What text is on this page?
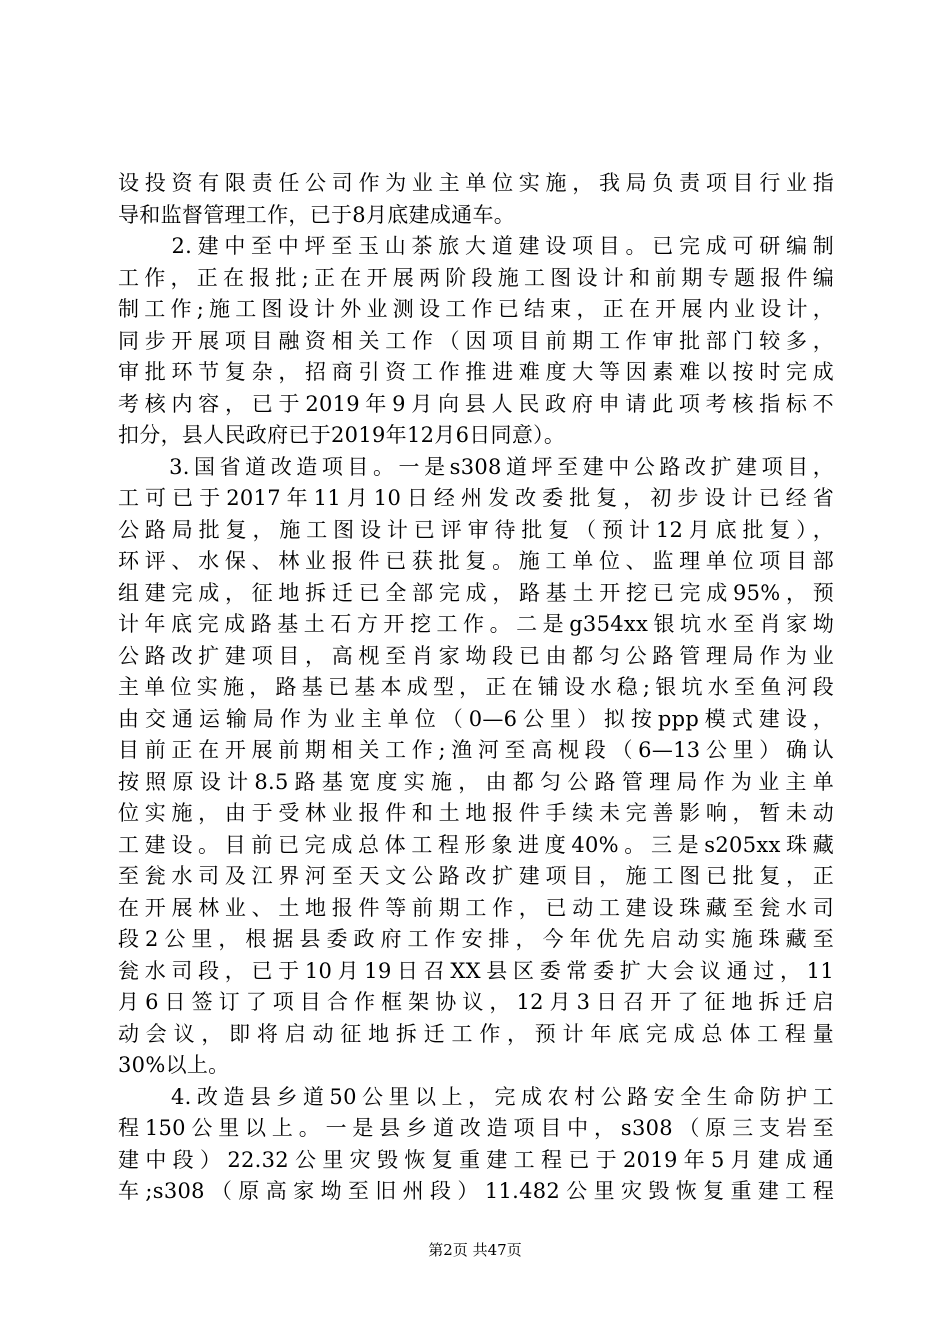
设投资有限责任公司作为业主单位实施，我局负责项目行业指
导和监督管理工作，已于8月底建成通车。
　　2.建中至中坪至玉山茶旅大道建设项目。已完成可研编制
工作，正在报批;正在开展两阶段施工图设计和前期专题报件编
制工作;施工图设计外业测设工作已结束，正在开展内业设计，
同步开展项目融资相关工作（因项目前期工作审批部门较多，
审批环节复杂，招商引资工作推进难度大等因素难以按时完成
考核内容，已于2019年9月向县人民政府申请此项考核指标不
扣分，县人民政府已于2019年12月6日同意）。
　　3.国省道改造项目。一是s308道坪至建中公路改扩建项目，
工可已于2017年11月10日经州发改委批复，初步设计已经省
公路局批复，施工图设计已评审待批复（预计12月底批复），
环评、水保、林业报件已获批复。施工单位、监理单位项目部
组建完成，征地拆迁已全部完成，路基土开挖已完成95%，预
计年底完成路基土石方开挖工作。二是g354xx银坑水至肖家坳
公路改扩建项目，高枧至肖家坳段已由都匀公路管理局作为业
主单位实施，路基已基本成型，正在铺设水稳;银坑水至鱼河段
由交通运输局作为业主单位（0—6公里）拟按ppp模式建设，
目前正在开展前期相关工作;渔河至高枧段（6—13公里）确认
按照原设计8.5路基宽度实施，由都匀公路管理局作为业主单
位实施，由于受林业报件和土地报件手续未完善影响，暂未动
工建设。目前已完成总体工程形象进度40%。三是s205xx珠藏
至瓮水司及江界河至天文公路改扩建项目，施工图已批复，正
在开展林业、土地报件等前期工作，已动工建设珠藏至瓮水司
段2公里，根据县委政府工作安排，今年优先启动实施珠藏至
瓮水司段，已于10月19日召XX县区委常委扩大会议通过，11
月6日签订了项目合作框架协议，12月3日召开了征地拆迁启
动会议，即将启动征地拆迁工作，预计年底完成总体工程量
30%以上。
　　4.改造县乡道50公里以上，完成农村公路安全生命防护工
程150公里以上。一是县乡道改造项目中，s308（原三支岩至
建中段）22.32公里灾毁恢复重建工程已于2019年5月建成通
车;s308（原高家坳至旧州段）11.482公里灾毁恢复重建工程
第2页 共47页
